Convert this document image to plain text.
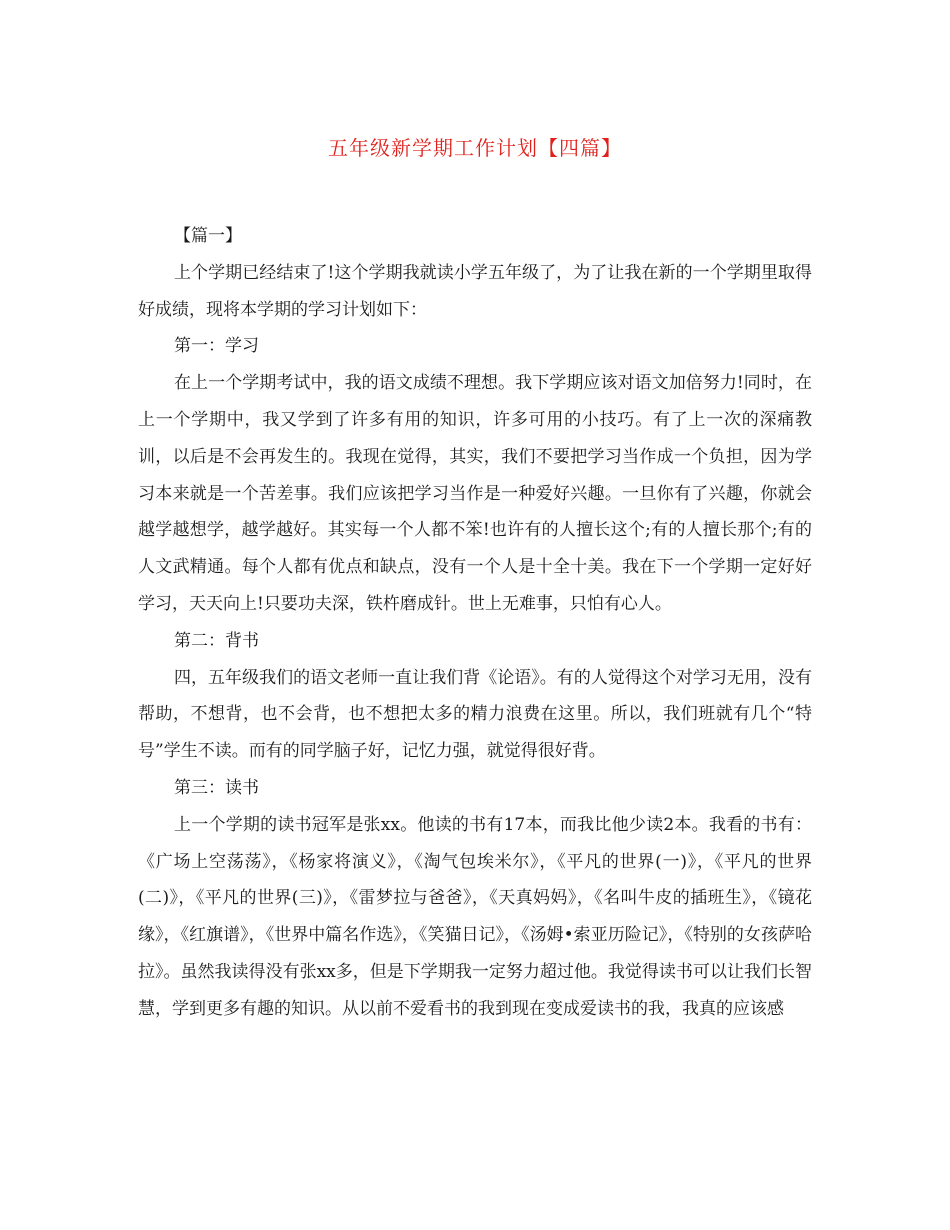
五年级新学期工作计划【四篇】

【篇一】

上个学期已经结束了!这个学期我就读小学五年级了，为了让我在新的一个学期里取得好成绩，现将本学期的学习计划如下：

第一：学习

在上一个学期考试中，我的语文成绩不理想。我下学期应该对语文加倍努力!同时，在上一个学期中，我又学到了许多有用的知识，许多可用的小技巧。有了上一次的深痛教训，以后是不会再发生的。我现在觉得，其实，我们不要把学习当作成一个负担，因为学习本来就是一个苦差事。我们应该把学习当作是一种爱好兴趣。一旦你有了兴趣，你就会越学越想学，越学越好。其实每一个人都不笨!也许有的人擅长这个;有的人擅长那个;有的人文武精通。每个人都有优点和缺点，没有一个人是十全十美。我在下一个学期一定好好学习，天天向上!只要功夫深，铁杵磨成针。世上无难事，只怕有心人。

第二：背书

四，五年级我们的语文老师一直让我们背《论语》。有的人觉得这个对学习无用，没有帮助，不想背，也不会背，也不想把太多的精力浪费在这里。所以，我们班就有几个“特号”学生不读。而有的同学脑子好，记忆力强，就觉得很好背。

第三：读书

上一个学期的读书冠军是张xx。他读的书有17本，而我比他少读2本。我看的书有：《广场上空荡荡》，《杨家将演义》，《淘气包埃米尔》，《平凡的世界(一)》，《平凡的世界(二)》，《平凡的世界(三)》，《雷梦拉与爸爸》，《天真妈妈》，《名叫牛皮的插班生》，《镜花缘》，《红旗谱》，《世界中篇名作选》，《笑猫日记》，《汤姆•索亚历险记》，《特别的女孩萨哈拉》。虽然我读得没有张xx多，但是下学期我一定努力超过他。我觉得读书可以让我们长智慧，学到更多有趣的知识。从以前不爱看书的我到现在变成爱读书的我，我真的应该感
